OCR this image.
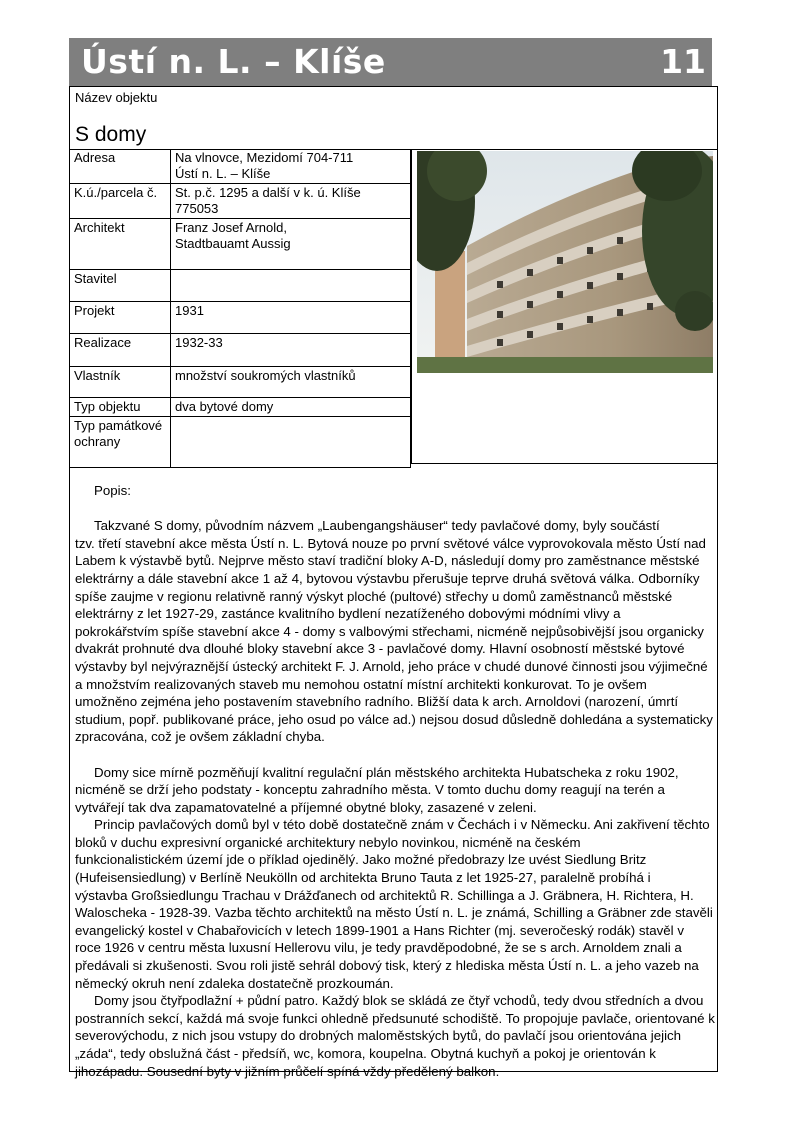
Ústí n. L. – Klíše	11
Název objektu
S domy
Adresa	Na vlnovce, Mezidomí 704-711
Ústí n. L. – Klíše
K.ú./parcela č.	St. p.č. 1295 a další v k. ú. Klíše
775053
Architekt	Franz Josef Arnold,
Stadtbauamt Aussig
Stavitel	
Projekt	1931
Realizace	1932-33
Vlastník	množství soukromých vlastníků
Typ objektu	dva bytové domy
Typ památkové ochrany	

Popis:

Takzvané S domy, původním názvem „Laubengangshäuser“ tedy pavlačové domy, byly součástí

tzv. třetí stavební akce města Ústí n. L. Bytová nouze po první světové válce vyprovokovala město Ústí nad

Labem k výstavbě bytů. Nejprve město staví tradiční bloky A-D, následují domy pro zaměstnance městské

elektrárny a dále stavební akce 1 až 4, bytovou výstavbu přerušuje teprve druhá světová válka. Odborníky

spíše zaujme v regionu relativně ranný výskyt ploché (pultové) střechy u domů zaměstnanců městské

elektrárny z let 1927-29, zastánce kvalitního bydlení nezatíženého dobovými módními vlivy a

pokrokářstvím spíše stavební akce 4 - domy s valbovými střechami, nicméně nejpůsobivější jsou organicky

dvakrát prohnuté dva dlouhé bloky stavební akce 3 - pavlačové domy. Hlavní osobností městské bytové

výstavby byl nejvýraznější ústecký architekt F. J. Arnold, jeho práce v chudé dunové činnosti jsou výjimečné

a množstvím realizovaných staveb mu nemohou ostatní místní architekti konkurovat. To je ovšem

umožněno zejména jeho postavením stavebního radního. Bližší data k arch. Arnoldovi (narození, úmrtí

studium, popř. publikované práce, jeho osud po válce ad.) nejsou dosud důsledně dohledána a systematicky

zpracována, což je ovšem základní chyba.

Domy sice mírně pozměňují kvalitní regulační plán městského architekta Hubatscheka z roku 1902,

nicméně se drží jeho podstaty - konceptu zahradního města. V tomto duchu domy reagují na terén a

vytvářejí tak dva zapamatovatelné a příjemné obytné bloky, zasazené v zeleni.

Princip pavlačových domů byl v této době dostatečně znám v Čechách i v Německu. Ani zakřivení těchto

bloků v duchu expresivní organické architektury nebylo novinkou, nicméně na českém

funkcionalistickém území jde o příklad ojedinělý. Jako možné předobrazy lze uvést Siedlung Britz

(Hufeisensiedlung) v Berlíně Neukölln od architekta Bruno Tauta z let 1925-27, paralelně probíhá i

výstavba Großsiedlungu Trachau v Drážďanech od architektů R. Schillinga a J. Gräbnera, H. Richtera, H.

Waloscheka - 1928-39. Vazba těchto architektů na město Ústí n. L. je známá, Schilling a Gräbner zde stavěli

evangelický kostel v Chabařovicích v letech 1899-1901 a Hans Richter (mj. severočeský rodák) stavěl v

roce 1926 v centru města luxusní Hellerovu vilu, je tedy pravděpodobné, že se s arch. Arnoldem znali a

předávali si zkušenosti. Svou roli jistě sehrál dobový tisk, který z hlediska města Ústí n. L. a jeho vazeb na

německý okruh není zdaleka dostatečně prozkoumán.

Domy jsou čtyřpodlažní + půdní patro. Každý blok se skládá ze čtyř vchodů, tedy dvou středních a dvou

postranních sekcí, každá má svoje funkci ohledně předsunuté schodiště. To propojuje pavlače, orientované k

severovýchodu, z nich jsou vstupy do drobných maloměstských bytů, do pavlačí jsou orientována jejich

„záda“, tedy obslužná část - předsíň, wc, komora, koupelna. Obytná kuchyň a pokoj je orientován k

jihozápadu. Sousední byty v jižním průčelí spíná vždy předělený balkon.
